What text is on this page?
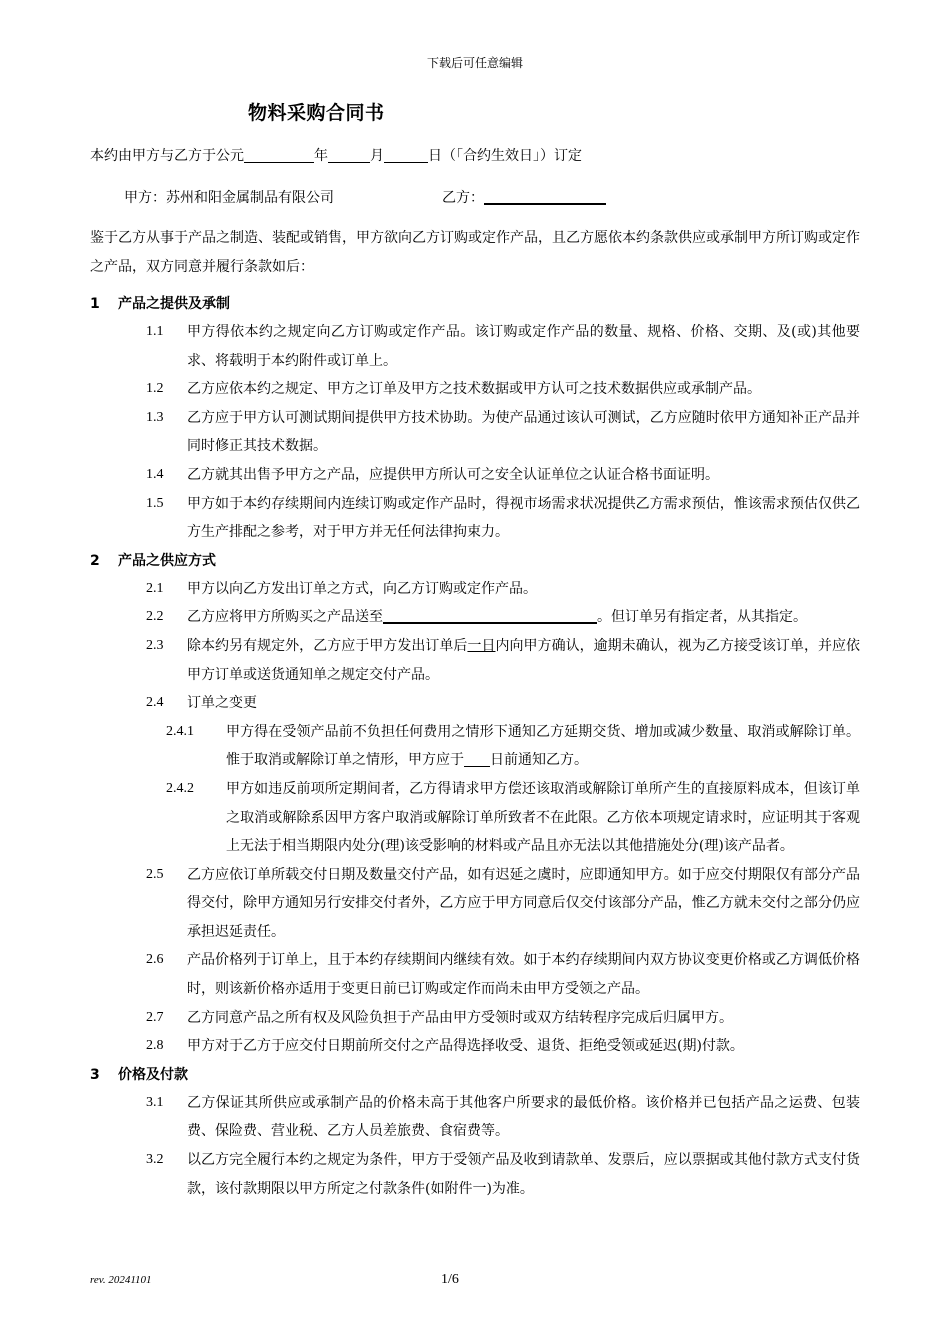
下载后可任意编辑
物料采购合同书
本约由甲方与乙方于公元	年	月	日（「合约生效日」）订定
甲方：苏州和阳金属制品有限公司	乙方：
鉴于乙方从事于产品之制造、装配或销售，甲方欲向乙方订购或定作产品，且乙方愿依本约条款供应或承制甲方所订购或定作之产品，双方同意并履行条款如后：
1	产品之提供及承制
1.1	甲方得依本约之规定向乙方订购或定作产品。该订购或定作产品的数量、规格、价格、交期、及(或)其他要求、将载明于本约附件或订单上。
1.2	乙方应依本约之规定、甲方之订单及甲方之技术数据或甲方认可之技术数据供应或承制产品。
1.3	乙方应于甲方认可测试期间提供甲方技术协助。为使产品通过该认可测试，乙方应随时依甲方通知补正产品并同时修正其技术数据。
1.4	乙方就其出售予甲方之产品，应提供甲方所认可之安全认证单位之认证合格书面证明。
1.5	甲方如于本约存续期间内连续订购或定作产品时，得视市场需求状况提供乙方需求预估，惟该需求预估仅供乙方生产排配之参考，对于甲方并无任何法律拘束力。
2	产品之供应方式
2.1	甲方以向乙方发出订单之方式，向乙方订购或定作产品。
2.2	乙方应将甲方所购买之产品送至	。但订单另有指定者，从其指定。
2.3	除本约另有规定外，乙方应于甲方发出订单后一日内向甲方确认，逾期未确认，视为乙方接受该订单，并应依甲方订单或送货通知单之规定交付产品。
2.4	订单之变更
2.4.1	甲方得在受领产品前不负担任何费用之情形下通知乙方延期交货、增加或减少数量、取消或解除订单。惟于取消或解除订单之情形，甲方应于 日前通知乙方。
2.4.2	甲方如违反前项所定期间者，乙方得请求甲方偿还该取消或解除订单所产生的直接原料成本，但该订单之取消或解除系因甲方客户取消或解除订单所致者不在此限。乙方依本项规定请求时，应证明其于客观上无法于相当期限内处分(理)该受影响的材料或产品且亦无法以其他措施处分(理)该产品者。
2.5	乙方应依订单所载交付日期及数量交付产品，如有迟延之虞时，应即通知甲方。如于应交付期限仅有部分产品得交付，除甲方通知另行安排交付者外，乙方应于甲方同意后仅交付该部分产品，惟乙方就未交付之部分仍应承担迟延责任。
2.6	产品价格列于订单上，且于本约存续期间内继续有效。如于本约存续期间内双方协议变更价格或乙方调低价格时，则该新价格亦适用于变更日前已订购或定作而尚未由甲方受领之产品。
2.7	乙方同意产品之所有权及风险负担于产品由甲方受领时或双方结转程序完成后归属甲方。
2.8	甲方对于乙方于应交付日期前所交付之产品得选择收受、退货、拒绝受领或延迟(期)付款。
3	价格及付款
3.1	乙方保证其所供应或承制产品的价格未高于其他客户所要求的最低价格。该价格并已包括产品之运费、包装费、保险费、营业税、乙方人员差旅费、食宿费等。
3.2	以乙方完全履行本约之规定为条件，甲方于受领产品及收到请款单、发票后，应以票据或其他付款方式支付货款，该付款期限以甲方所定之付款条件(如附件一)为准。
rev. 20241101	1/6
